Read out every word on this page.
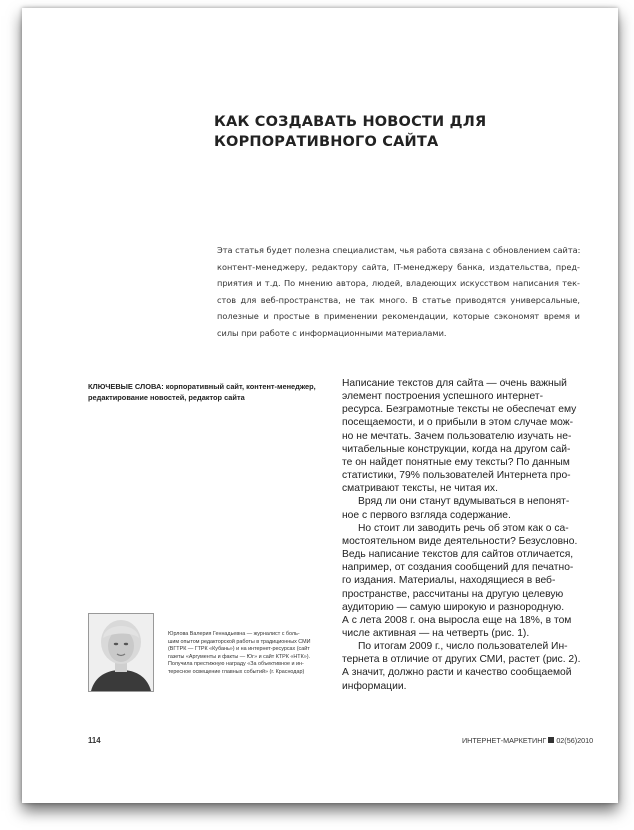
КАК СОЗДАВАТЬ НОВОСТИ ДЛЯ
КОРПОРАТИВНОГО САЙТА
Эта статья будет полезна специалистам, чья работа связана с обновлением сайта:
контент-менеджеру, редактору сайта, IT-менеджеру банка, издательства, пред-
приятия и т.д. По мнению автора, людей, владеющих искусством написания тек-
стов для веб-пространства, не так много. В статье приводятся универсальные,
полезные и простые в применении рекомендации, которые сэкономят время и
силы при работе с информационными материалами.
КЛЮЧЕВЫЕ СЛОВА: корпоративный сайт, контент-менеджер,
редактирование новостей, редактор сайта
Написание текстов для сайта — очень важный
элемент построения успешного интернет-
ресурса. Безграмотные тексты не обеспечат ему
посещаемости, и о прибыли в этом случае мож-
но не мечтать. Зачем пользователю изучать не-
читабельные конструкции, когда на другом сай-
те он найдет понятные ему тексты? По данным
статистики, 79% пользователей Интернета про-
сматривают тексты, не читая их.
Вряд ли они станут вдумываться в непонят-
ное с первого взгляда содержание.
Но стоит ли заводить речь об этом как о са-
мостоятельном виде деятельности? Безусловно.
Ведь написание текстов для сайтов отличается,
например, от создания сообщений для печатно-
го издания. Материалы, находящиеся в веб-
пространстве, рассчитаны на другую целевую
аудиторию — самую широкую и разнородную.
А с лета 2008 г. она выросла еще на 18%, в том
числе активная — на четверть (рис. 1).
По итогам 2009 г., число пользователей Ин-
тернета в отличие от других СМИ, растет (рис. 2).
А значит, должно расти и качество сообщаемой
информации.
Юрлова Валерия Геннадьевна — журналист с боль-
шим опытом редакторской работы в традиционных СМИ
(ВГТРК — ГТРК «Кубань») и на интернет-ресурсах (сайт
газеты «Аргументы и факты — Юг» и сайт КТРК «НТК»).
Получила престижную награду «За объективное и ин-
тересное освещение главных событий» (г. Краснодар)
114	ИНТЕРНЕТ-МАРКЕТИНГ 02(56)2010
